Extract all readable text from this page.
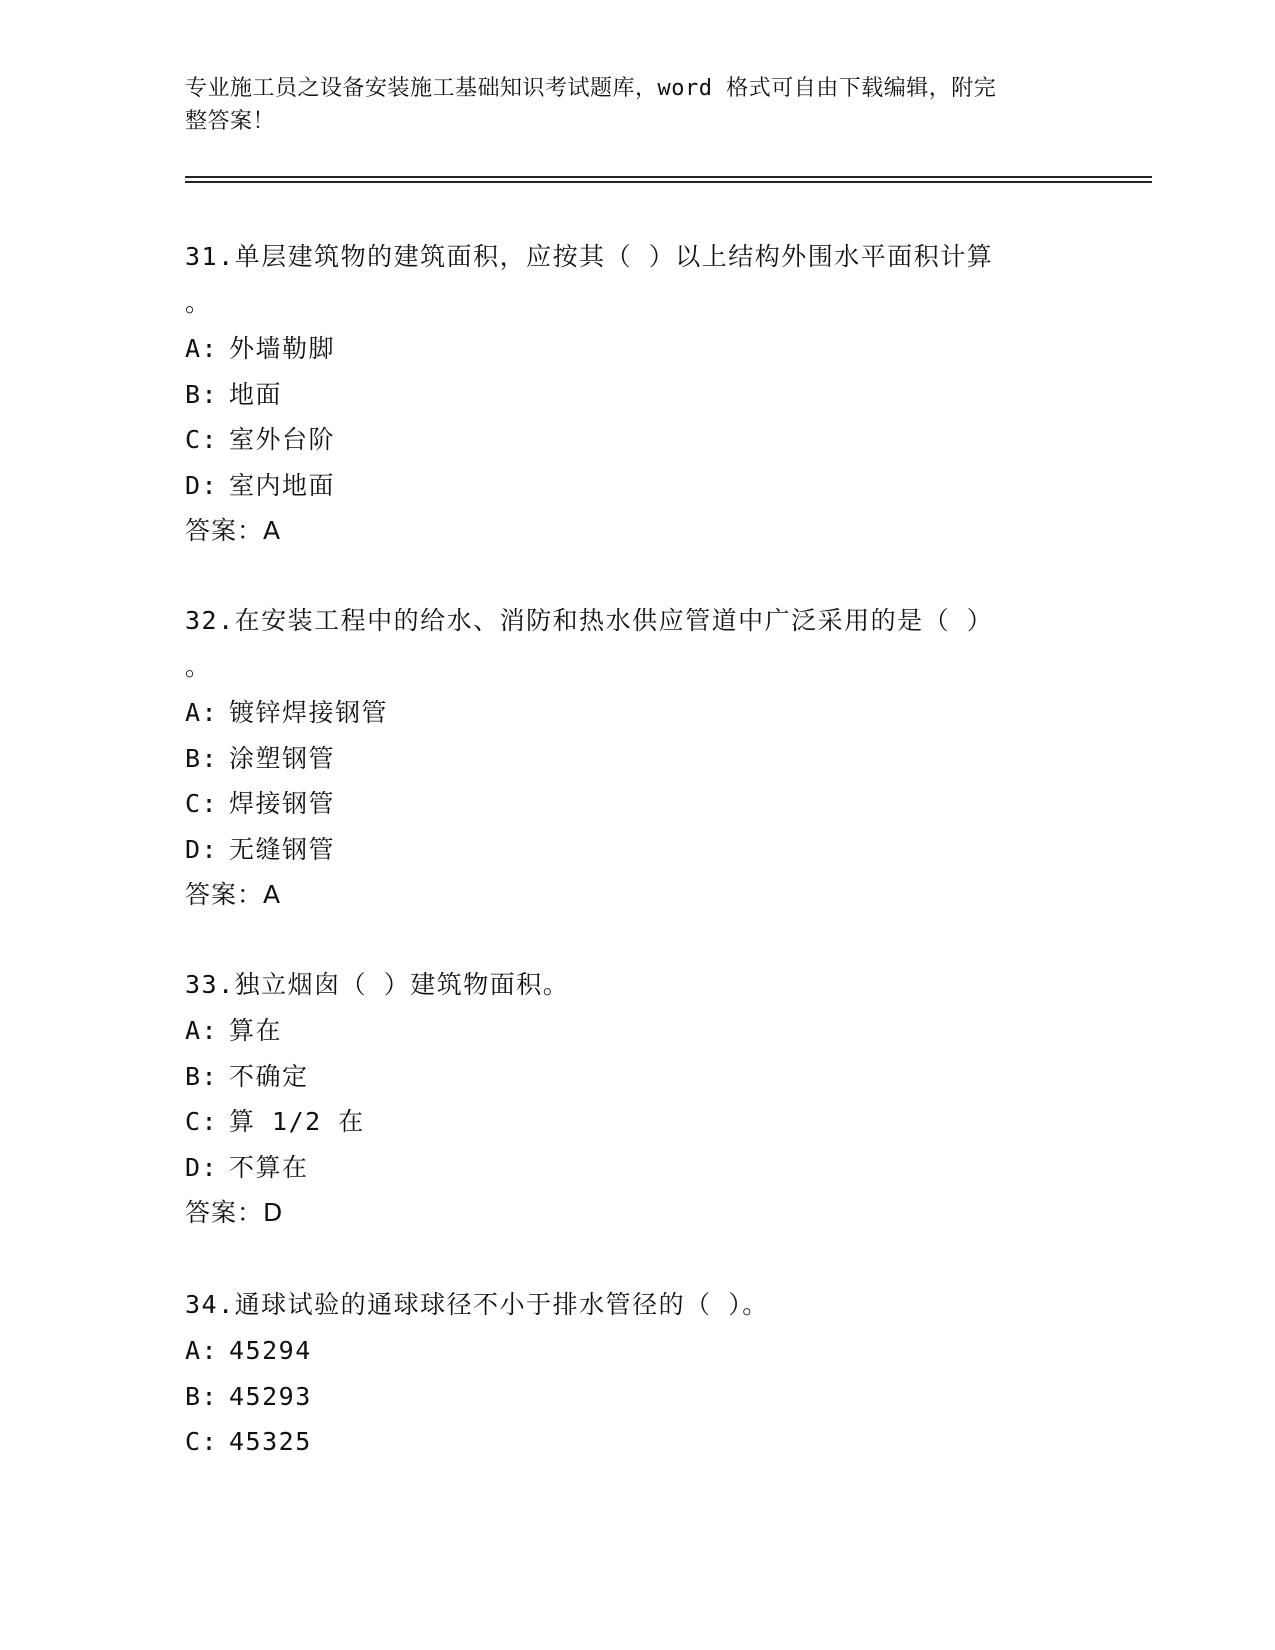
专业施工员之设备安装施工基础知识考试题库，word 格式可自由下载编辑，附完
整答案！

31.单层建筑物的建筑面积，应按其（ ）以上结构外围水平面积计算

。

A: 外墙勒脚

B: 地面

C: 室外台阶

D: 室内地面

答案：A

32.在安装工程中的给水、消防和热水供应管道中广泛采用的是（ ）

。

A: 镀锌焊接钢管

B: 涂塑钢管

C: 焊接钢管

D: 无缝钢管

答案：A

33.独立烟囱（ ）建筑物面积。

A: 算在

B: 不确定

C: 算 1/2 在

D: 不算在

答案：D

34.通球试验的通球球径不小于排水管径的（ ）。

A: 45294

B: 45293

C: 45325
